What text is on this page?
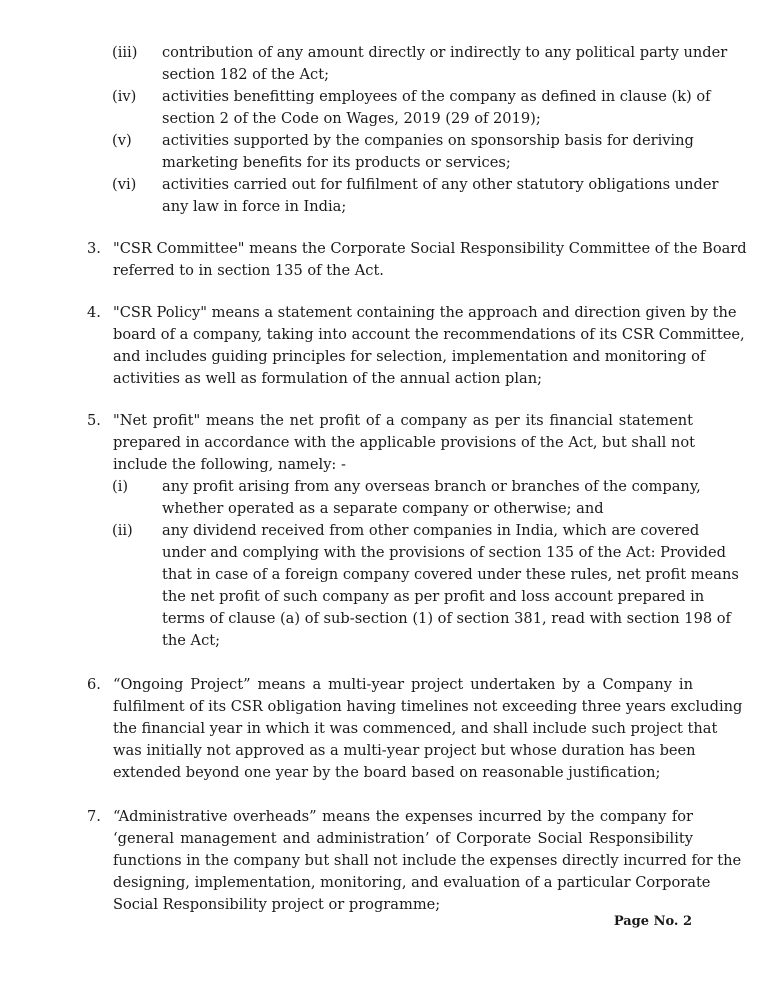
(iii) contribution of any amount directly or indirectly to any political party under
section 182 of the Act;
(iv) activities benefitting employees of the company as defined in clause (k) of
section 2 of the Code on Wages, 2019 (29 of 2019);
(v) activities supported by the companies on sponsorship basis for deriving
marketing benefits for its products or services;
(vi) activities carried out for fulfilment of any other statutory obligations under
any law in force in India;
3. "CSR Committee" means the Corporate Social Responsibility Committee of the Board
referred to in section 135 of the Act.
4. "CSR Policy" means a statement containing the approach and direction given by the
board of a company, taking into account the recommendations of its CSR Committee,
and includes guiding principles for selection, implementation and monitoring of
activities as well as formulation of the annual action plan;
5. "Net profit" means the net profit of a company as per its financial statement
prepared in accordance with the applicable provisions of the Act, but shall not
include the following, namely: -
(i) any profit arising from any overseas branch or branches of the company,
whether operated as a separate company or otherwise; and
(ii) any dividend received from other companies in India, which are covered
under and complying with the provisions of section 135 of the Act: Provided
that in case of a foreign company covered under these rules, net profit means
the net profit of such company as per profit and loss account prepared in
terms of clause (a) of sub-section (1) of section 381, read with section 198 of
the Act;
6. “Ongoing Project” means a multi-year project undertaken by a Company in
fulfilment of its CSR obligation having timelines not exceeding three years excluding
the financial year in which it was commenced, and shall include such project that
was initially not approved as a multi-year project but whose duration has been
extended beyond one year by the board based on reasonable justification;
7. “Administrative overheads” means the expenses incurred by the company for
‘general management and administration’ of Corporate Social Responsibility
functions in the company but shall not include the expenses directly incurred for the
designing, implementation, monitoring, and evaluation of a particular Corporate
Social Responsibility project or programme;
Page No. 2
